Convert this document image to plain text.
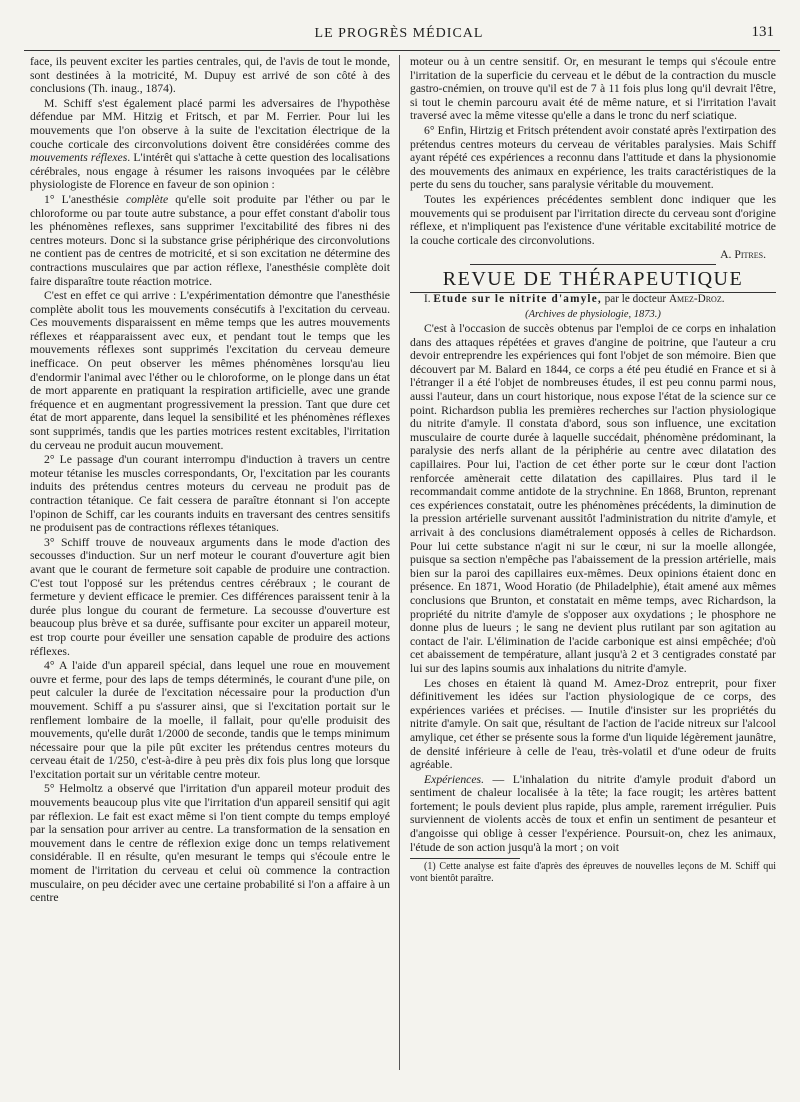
LE PROGRÈS MÉDICAL	131

face, ils peuvent exciter les parties centrales, qui, de l'avis de tout le monde, sont destinées à la motricité, M. Dupuy est arrivé de son côté à des conclusions (Th. inaug., 1874).

M. Schiff s'est également placé parmi les adversaires de l'hypothèse défendue par MM. Hitzig et Fritsch, et par M. Ferrier. Pour lui les mouvements que l'on observe à la suite de l'excitation électrique de la couche corticale des circonvolutions doivent être considérées comme des mouvements réflexes. L'intérêt qui s'attache à cette question des localisations cérébrales, nous engage à résumer les raisons invoquées par le célèbre physiologiste de Florence en faveur de son opinion :

1° L'anesthésie complète qu'elle soit produite par l'éther ou par le chloroforme ou par toute autre substance, a pour effet constant d'abolir tous les phénomènes reflexes, sans supprimer l'excitabilité des fibres ni des centres moteurs. Donc si la substance grise périphérique des circonvolutions ne contient pas de centres de motricité, et si son excitation ne détermine des contractions musculaires que par action réflexe, l'anesthésie complète doit faire disparaître toute réaction motrice.

C'est en effet ce qui arrive : L'expérimentation démontre que l'anesthésie complète abolit tous les mouvements consécutifs à l'excitation du cerveau. Ces mouvements disparaissent en même temps que les autres mouvements réflexes et réapparaissent avec eux, et pendant tout le temps que les mouvements réflexes sont supprimés l'excitation du cerveau demeure inefficace. On peut observer les mêmes phénomènes lorsqu'au lieu d'endormir l'animal avec l'éther ou le chloroforme, on le plonge dans un état de mort apparente en pratiquant la respiration artificielle, avec une grande fréquence et en augmentant progressivement la pression. Tant que dure cet état de mort apparente, dans lequel la sensibilité et les phénomènes réflexes sont supprimés, tandis que les parties motrices restent excitables, l'irritation du cerveau ne produit aucun mouvement.

2° Le passage d'un courant interrompu d'induction à travers un centre moteur tétanise les muscles correspondants, Or, l'excitation par les courants induits des prétendus centres moteurs du cerveau ne produit pas de contraction tétanique. Ce fait cessera de paraître étonnant si l'on accepte l'opinon de Schiff, car les courants induits en traversant des centres sensitifs ne produisent pas de contractions réflexes tétaniques.

3° Schiff trouve de nouveaux arguments dans le mode d'action des secousses d'induction. Sur un nerf moteur le courant d'ouverture agit bien avant que le courant de fermeture soit capable de produire une contraction. C'est tout l'opposé sur les prétendus centres cérébraux ; le courant de fermeture y devient efficace le premier. Ces différences paraissent tenir à la durée plus longue du courant de fermeture. La secousse d'ouverture est beaucoup plus brève et sa durée, suffisante pour exciter un appareil moteur, est trop courte pour éveiller une sensation capable de produire des actions réflexes.

4° A l'aide d'un appareil spécial, dans lequel une roue en mouvement ouvre et ferme, pour des laps de temps déterminés, le courant d'une pile, on peut calculer la durée de l'excitation nécessaire pour la production d'un mouvement. Schiff a pu s'assurer ainsi, que si l'excitation portait sur le renflement lombaire de la moelle, il fallait, pour qu'elle produisit des mouvements, qu'elle durât 1/2000 de seconde, tandis que le temps minimum nécessaire pour que la pile pût exciter les prétendus centres moteurs du cerveau était de 1/250, c'est-à-dire à peu près dix fois plus long que lorsque l'excitation portait sur un véritable centre moteur.

5° Helmoltz a observé que l'irritation d'un appareil moteur produit des mouvements beaucoup plus vite que l'irritation d'un appareil sensitif qui agit par réflexion. Le fait est exact même si l'on tient compte du temps employé par la sensation pour arriver au centre. La transformation de la sensation en mouvement dans le centre de réflexion exige donc un temps relativement considérable. Il en résulte, qu'en mesurant le temps qui s'écoule entre le moment de l'irritation du cerveau et celui où commence la contraction musculaire, on peu décider avec une certaine probabilité si l'on a affaire à un centre

moteur ou à un centre sensitif. Or, en mesurant le temps qui s'écoule entre l'irritation de la superficie du cerveau et le début de la contraction du muscle gastro-cnémien, on trouve qu'il est de 7 à 11 fois plus long qu'il devrait l'être, si tout le chemin parcouru avait été de même nature, et si l'irritation l'avait traversé avec la même vitesse qu'elle a dans le tronc du nerf sciatique.

6° Enfin, Hirtzig et Fritsch prétendent avoir constaté après l'extirpation des prétendus centres moteurs du cerveau de véritables paralysies. Mais Schiff ayant répété ces expériences a reconnu dans l'attitude et dans la physionomie des mouvements des animaux en expérience, les traits caractéristiques de la perte du sens du toucher, sans paralysie véritable du mouvement.

Toutes les expériences précédentes semblent donc indiquer que les mouvements qui se produisent par l'irritation directe du cerveau sont d'origine réflexe, et n'impliquent pas l'existence d'une véritable excitabilité motrice de la couche corticale des circonvolutions.

A. Pitres.
REVUE DE THÉRAPEUTIQUE

I. Etude sur le nitrite d'amyle, par le docteur Amez-Droz.

(Archives de physiologie, 1873.)

C'est à l'occasion de succès obtenus par l'emploi de ce corps en inhalation dans des attaques répétées et graves d'angine de poitrine, que l'auteur a cru devoir entreprendre les expériences qui font l'objet de son mémoire. Bien que découvert par M. Balard en 1844, ce corps a été peu étudié en France et si à l'étranger il a été l'objet de nombreuses études, il est peu connu parmi nous, aussi l'auteur, dans un court historique, nous expose l'état de la science sur ce point. Richardson publia les premières recherches sur l'action physiologique du nitrite d'amyle. Il constata d'abord, sous son influence, une excitation musculaire de courte durée à laquelle succédait, phénomène prédominant, la paralysie des nerfs allant de la périphérie au centre avec dilatation des capillaires. Pour lui, l'action de cet éther porte sur le cœur dont l'action renforcée amènerait cette dilatation des capillaires. Plus tard il le recommandait comme antidote de la strychnine. En 1868, Brunton, reprenant ces expériences constatait, outre les phénomènes précédents, la diminution de la pression artérielle survenant aussitôt l'administration du nitrite d'amyle, et arrivait à des conclusions diamétralement opposés à celles de Richardson. Pour lui cette substance n'agit ni sur le cœur, ni sur la moelle allongée, puisque sa section n'empêche pas l'abaissement de la pression artérielle, mais bien sur la paroi des capillaires eux-mêmes. Deux opinions étaient donc en présence. En 1871, Wood Horatio (de Philadelphie), était amené aux mêmes conclusions que Brunton, et constatait en même temps, avec Richardson, la propriété du nitrite d'amyle de s'opposer aux oxydations ; le phosphore ne donne plus de lueurs ; le sang ne devient plus rutilant par son agitation au contact de l'air. L'élimination de l'acide carbonique est ainsi empêchée; d'où cet abaissement de température, allant jusqu'à 2 et 3 centigrades constaté par lui sur des lapins soumis aux inhalations du nitrite d'amyle.

Les choses en étaient là quand M. Amez-Droz entreprit, pour fixer définitivement les idées sur l'action physiologique de ce corps, des expériences variées et précises. — Inutile d'insister sur les propriétés du nitrite d'amyle. On sait que, résultant de l'action de l'acide nitreux sur l'alcool amylique, cet éther se présente sous la forme d'un liquide légèrement jaunâtre, de densité inférieure à celle de l'eau, très-volatil et d'une odeur de fruits agréable.

Expériences. — L'inhalation du nitrite d'amyle produit d'abord un sentiment de chaleur localisée à la tête; la face rougit; les artères battent fortement; le pouls devient plus rapide, plus ample, rarement irrégulier. Puis surviennent de violents accès de toux et enfin un sentiment de pesanteur et d'angoisse qui oblige à cesser l'expérience. Poursuit-on, chez les animaux, l'étude de son action jusqu'à la mort ; on voit

(1) Cette analyse est faite d'après des épreuves de nouvelles leçons de M. Schiff qui vont bientôt paraître.
